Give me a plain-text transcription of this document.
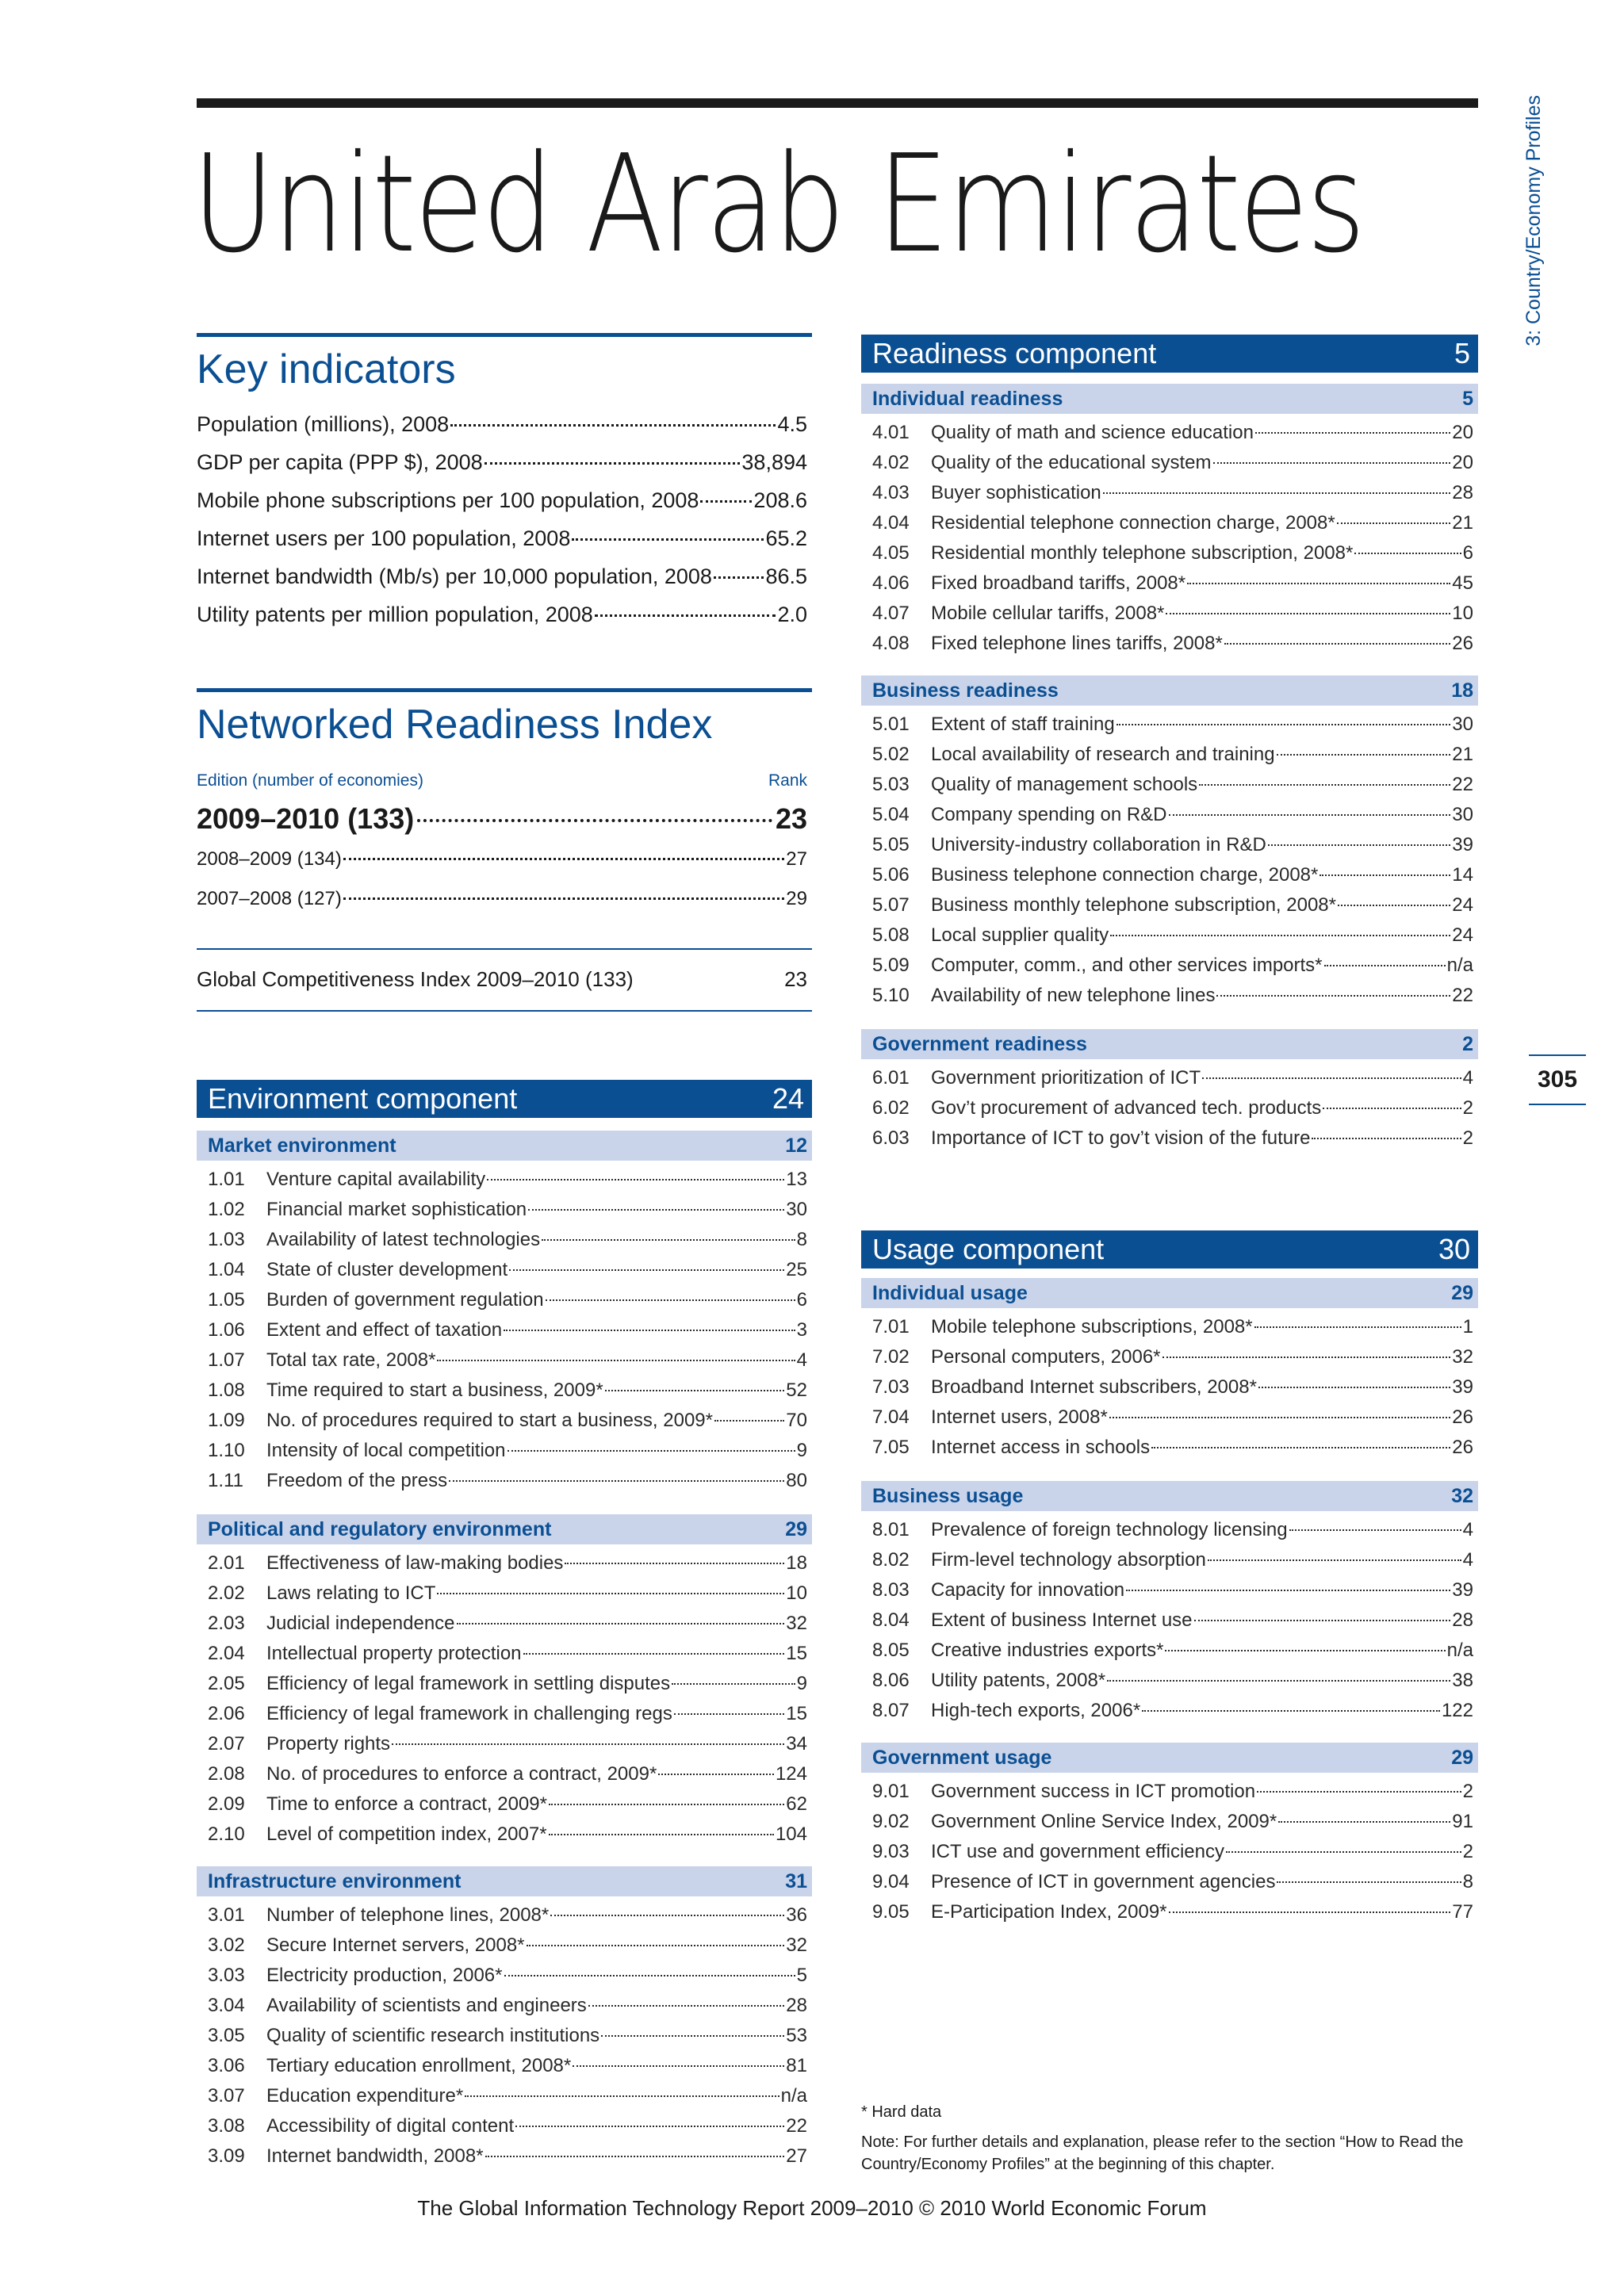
United Arab Emirates	3: Country/Economy Profiles
305
Key indicators
Population (millions), 2008	4.5
GDP per capita (PPP $), 2008	38,894
Mobile phone subscriptions per 100 population, 2008	208.6
Internet users per 100 population, 2008	65.2
Internet bandwidth (Mb/s) per 10,000 population, 2008 86.5
Utility patents per million population, 2008	2.0
Networked Readiness Index
Edition (number of economies)	Rank
2009–2010 (133)	23
2008–2009 (134)	27
2007–2008 (127)	29
Global Competitiveness Index 2009–2010 (133)	23
Environment component	24
Market environment	12
1.01	Venture capital availability	13
1.02	Financial market sophistication	30
1.03	Availability of latest technologies	8
1.04	State of cluster development	25
1.05	Burden of government regulation	6
1.06	Extent and effect of taxation	3
1.07	Total tax rate, 2008*	4
1.08	Time required to start a business, 2009*	52
1.09	No. of procedures required to start a business, 2009*	70
1.10	Intensity of local competition	9
1.11	Freedom of the press	80
Political and regulatory environment	29
2.01	Effectiveness of law-making bodies	18
2.02	Laws relating to ICT	10
2.03	Judicial independence	32
2.04	Intellectual property protection	15
2.05	Efficiency of legal framework in settling disputes	9
2.06	Efficiency of legal framework in challenging regs	15
2.07	Property rights	34
2.08	No. of procedures to enforce a contract, 2009*	124
2.09	Time to enforce a contract, 2009*	62
2.10	Level of competition index, 2007*	104
Infrastructure environment	31
3.01	Number of telephone lines, 2008*	36
3.02	Secure Internet servers, 2008*	32
3.03	Electricity production, 2006*	5
3.04	Availability of scientists and engineers	28
3.05	Quality of scientific research institutions	53
3.06	Tertiary education enrollment, 2008*	81
3.07	Education expenditure*	n/a
3.08	Accessibility of digital content	22
3.09	Internet bandwidth, 2008*	27
Readiness component	5
Individual readiness	5
4.01	Quality of math and science education	20
4.02	Quality of the educational system	20
4.03	Buyer sophistication	28
4.04	Residential telephone connection charge, 2008*	21
4.05	Residential monthly telephone subscription, 2008*	6
4.06	Fixed broadband tariffs, 2008*	45
4.07	Mobile cellular tariffs, 2008*	10
4.08	Fixed telephone lines tariffs, 2008*	26
Business readiness	18
5.01	Extent of staff training	30
5.02	Local availability of research and training	21
5.03	Quality of management schools	22
5.04	Company spending on R&D	30
5.05	University-industry collaboration in R&D	39
5.06	Business telephone connection charge, 2008*	14
5.07	Business monthly telephone subscription, 2008*	24
5.08	Local supplier quality	24
5.09	Computer, comm., and other services imports*	n/a
5.10	Availability of new telephone lines	22
Government readiness	2
6.01	Government prioritization of ICT	4
6.02	Gov’t procurement of advanced tech. products	2
6.03	Importance of ICT to gov’t vision of the future	2
Usage component	30
Individual usage	29
7.01	Mobile telephone subscriptions, 2008*	1
7.02	Personal computers, 2006*	32
7.03	Broadband Internet subscribers, 2008*	39
7.04	Internet users, 2008*	26
7.05	Internet access in schools	26
Business usage	32
8.01	Prevalence of foreign technology licensing	4
8.02	Firm-level technology absorption	4
8.03	Capacity for innovation	39
8.04	Extent of business Internet use	28
8.05	Creative industries exports*	n/a
8.06	Utility patents, 2008*	38
8.07	High-tech exports, 2006*	122
Government usage	29
9.01	Government success in ICT promotion	2
9.02	Government Online Service Index, 2009*	91
9.03	ICT use and government efficiency	2
9.04	Presence of ICT in government agencies	8
9.05	E-Participation Index, 2009*	77
* Hard data
Note: For further details and explanation, please refer to the section “How to Read the Country/Economy Profiles” at the beginning of this chapter.
The Global Information Technology Report 2009–2010 © 2010 World Economic Forum
